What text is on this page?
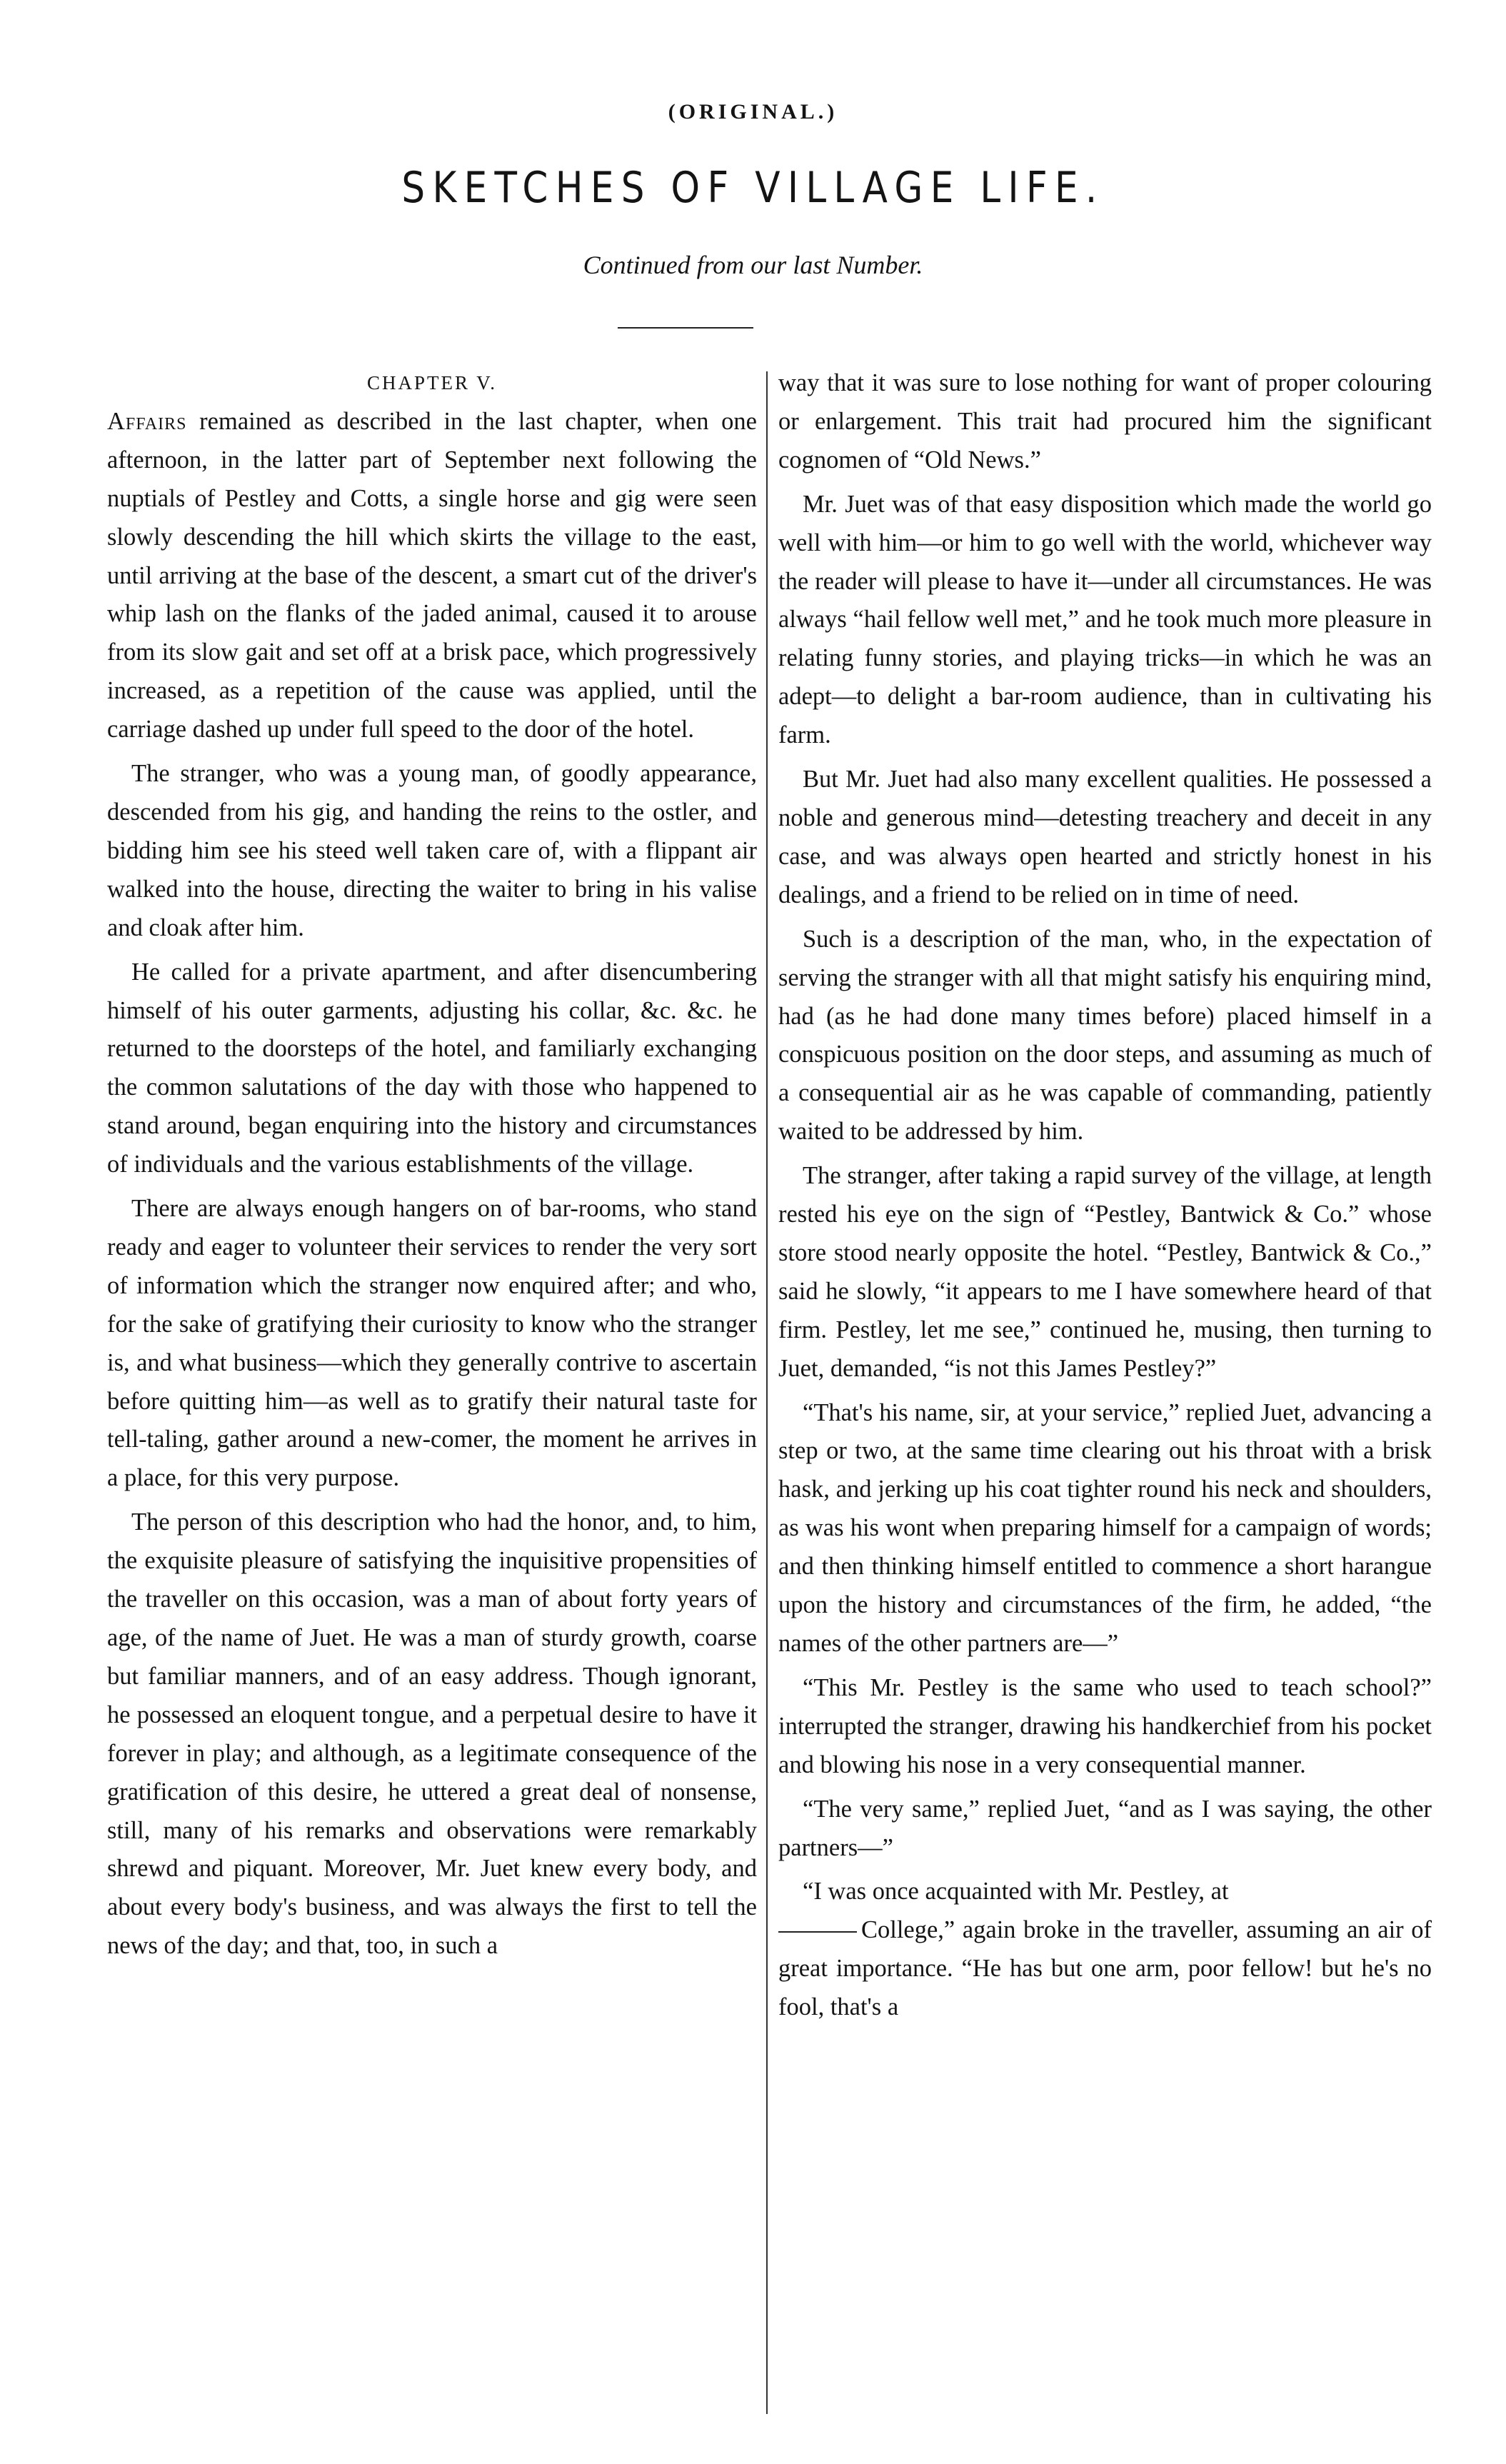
(ORIGINAL.)
SKETCHES OF VILLAGE LIFE.
Continued from our last Number.

CHAPTER V.

Affairs remained as described in the last chapter, when one afternoon, in the latter part of September next following the nuptials of Pestley and Cotts, a single horse and gig were seen slowly descending the hill which skirts the village to the east, until arriving at the base of the descent, a smart cut of the driver's whip lash on the flanks of the jaded animal, caused it to arouse from its slow gait and set off at a brisk pace, which progressively increased, as a repetition of the cause was applied, until the carriage dashed up under full speed to the door of the hotel.

The stranger, who was a young man, of goodly appearance, descended from his gig, and handing the reins to the ostler, and bidding him see his steed well taken care of, with a flippant air walked into the house, directing the waiter to bring in his valise and cloak after him.

He called for a private apartment, and after disencumbering himself of his outer garments, adjusting his collar, &c. &c. he returned to the doorsteps of the hotel, and familiarly exchanging the common salutations of the day with those who happened to stand around, began enquiring into the history and circumstances of individuals and the various establishments of the village.

There are always enough hangers on of bar-rooms, who stand ready and eager to volunteer their services to render the very sort of information which the stranger now enquired after; and who, for the sake of gratifying their curiosity to know who the stranger is, and what business—which they generally contrive to ascertain before quitting him—as well as to gratify their natural taste for tell-taling, gather around a new-comer, the moment he arrives in a place, for this very purpose.

The person of this description who had the honor, and, to him, the exquisite pleasure of satisfying the inquisitive propensities of the traveller on this occasion, was a man of about forty years of age, of the name of Juet. He was a man of sturdy growth, coarse but familiar manners, and of an easy address. Though ignorant, he possessed an eloquent tongue, and a perpetual desire to have it forever in play; and although, as a legitimate consequence of the gratification of this desire, he uttered a great deal of nonsense, still, many of his remarks and observations were remarkably shrewd and piquant. Moreover, Mr. Juet knew every body, and about every body's business, and was always the first to tell the news of the day; and that, too, in such a

way that it was sure to lose nothing for want of proper colouring or enlargement. This trait had procured him the significant cognomen of “Old News.”

Mr. Juet was of that easy disposition which made the world go well with him—or him to go well with the world, whichever way the reader will please to have it—under all circumstances. He was always “hail fellow well met,” and he took much more pleasure in relating funny stories, and playing tricks—in which he was an adept—to delight a bar-room audience, than in cultivating his farm.

But Mr. Juet had also many excellent qualities. He possessed a noble and generous mind—detesting treachery and deceit in any case, and was always open hearted and strictly honest in his dealings, and a friend to be relied on in time of need.

Such is a description of the man, who, in the expectation of serving the stranger with all that might satisfy his enquiring mind, had (as he had done many times before) placed himself in a conspicuous position on the door steps, and assuming as much of a consequential air as he was capable of commanding, patiently waited to be addressed by him.

The stranger, after taking a rapid survey of the village, at length rested his eye on the sign of “Pestley, Bantwick & Co.” whose store stood nearly opposite the hotel. “Pestley, Bantwick & Co.,” said he slowly, “it appears to me I have somewhere heard of that firm. Pestley, let me see,” continued he, musing, then turning to Juet, demanded, “is not this James Pestley?”

“That's his name, sir, at your service,” replied Juet, advancing a step or two, at the same time clearing out his throat with a brisk hask, and jerking up his coat tighter round his neck and shoulders, as was his wont when preparing himself for a campaign of words; and then thinking himself entitled to commence a short harangue upon the history and circumstances of the firm, he added, “the names of the other partners are—”

“This Mr. Pestley is the same who used to teach school?” interrupted the stranger, drawing his handkerchief from his pocket and blowing his nose in a very consequential manner.

“The very same,” replied Juet, “and as I was saying, the other partners—”

“I was once acquainted with Mr. Pestley, at
College,” again broke in the traveller, assuming an air of great importance. “He has but one arm, poor fellow! but he's no fool, that's a
